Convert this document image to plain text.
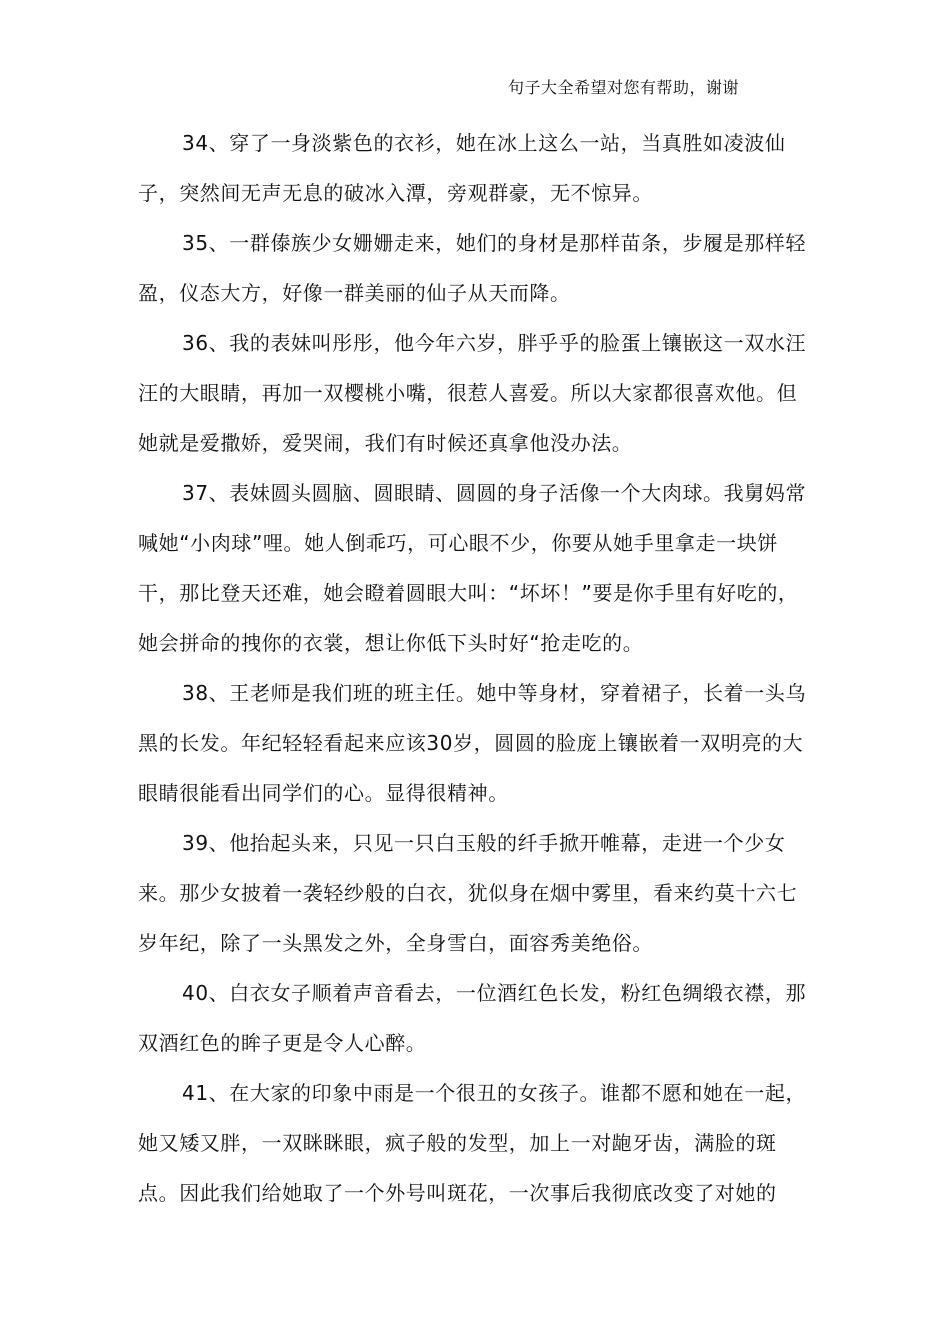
句子大全希望对您有帮助，谢谢

34、穿了一身淡紫色的衣衫，她在冰上这么一站，当真胜如凌波仙子，突然间无声无息的破冰入潭，旁观群豪，无不惊异。

35、一群傣族少女姗姗走来，她们的身材是那样苗条，步履是那样轻盈，仪态大方，好像一群美丽的仙子从天而降。

36、我的表妹叫彤彤，他今年六岁，胖乎乎的脸蛋上镶嵌这一双水汪汪的大眼睛，再加一双樱桃小嘴，很惹人喜爱。所以大家都很喜欢他。但她就是爱撒娇，爱哭闹，我们有时候还真拿他没办法。

37、表妹圆头圆脑、圆眼睛、圆圆的身子活像一个大肉球。我舅妈常喊她“小肉球”哩。她人倒乖巧，可心眼不少，你要从她手里拿走一块饼干，那比登天还难，她会瞪着圆眼大叫：“坏坏！”要是你手里有好吃的，她会拼命的拽你的衣裳，想让你低下头时好“抢走吃的。

38、王老师是我们班的班主任。她中等身材，穿着裙子，长着一头乌黑的长发。年纪轻轻看起来应该30岁，圆圆的脸庞上镶嵌着一双明亮的大眼睛很能看出同学们的心。显得很精神。

39、他抬起头来，只见一只白玉般的纤手掀开帷幕，走进一个少女来。那少女披着一袭轻纱般的白衣，犹似身在烟中雾里，看来约莫十六七岁年纪，除了一头黑发之外，全身雪白，面容秀美绝俗。

40、白衣女子顺着声音看去，一位酒红色长发，粉红色绸缎衣襟，那双酒红色的眸子更是令人心醉。

41、在大家的印象中雨是一个很丑的女孩子。谁都不愿和她在一起，她又矮又胖，一双眯眯眼，疯子般的发型，加上一对龅牙齿，满脸的斑点。因此我们给她取了一个外号叫斑花，一次事后我彻底改变了对她的
